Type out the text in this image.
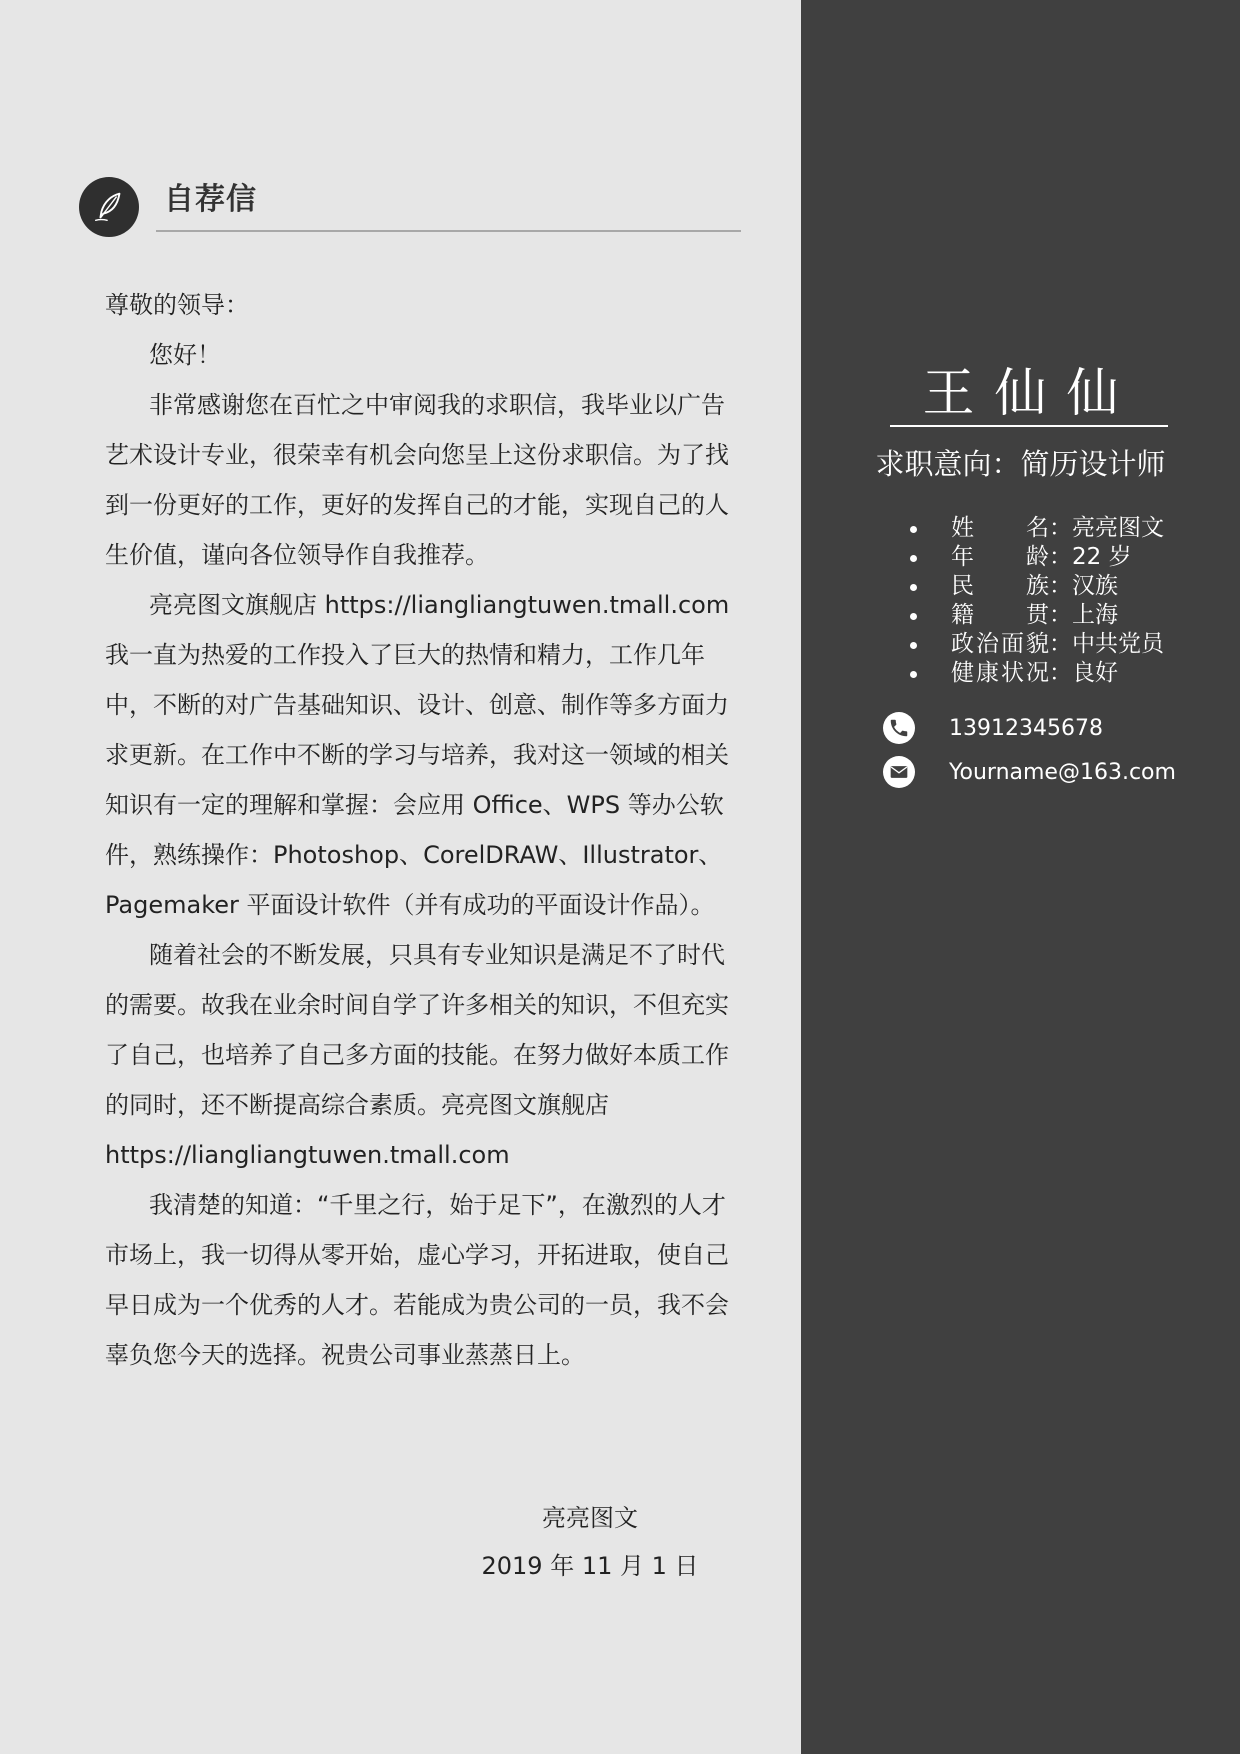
王仙仙
求职意向：简历设计师
姓名：亮亮图文
年龄：22 岁
民族：汉族
籍贯：上海
政治面貌：中共党员
健康状况：良好
13912345678
Yourname@163.com
自荐信

尊敬的领导：

您好！

非常感谢您在百忙之中审阅我的求职信，我毕业以广告艺术设计专业，很荣幸有机会向您呈上这份求职信。为了找到一份更好的工作，更好的发挥自己的才能，实现自己的人生价值，谨向各位领导作自我推荐。

亮亮图文旗舰店 https://liangliangtuwen.tmall.com 我一直为热爱的工作投入了巨大的热情和精力，工作几年中，不断的对广告基础知识、设计、创意、制作等多方面力求更新。在工作中不断的学习与培养，我对这一领域的相关知识有一定的理解和掌握：会应用 Office、WPS 等办公软件，熟练操作：Photoshop、CorelDRAW、Illustrator、Pagemaker 平面设计软件（并有成功的平面设计作品）。

随着社会的不断发展，只具有专业知识是满足不了时代的需要。故我在业余时间自学了许多相关的知识，不但充实了自己，也培养了自己多方面的技能。在努力做好本质工作的同时，还不断提高综合素质。亮亮图文旗舰店 https://liangliangtuwen.tmall.com

我清楚的知道：“千里之行，始于足下”，在激烈的人才市场上，我一切得从零开始，虚心学习，开拓进取，使自己早日成为一个优秀的人才。若能成为贵公司的一员，我不会辜负您今天的选择。祝贵公司事业蒸蒸日上。

亮亮图文

2019 年 11 月 1 日
